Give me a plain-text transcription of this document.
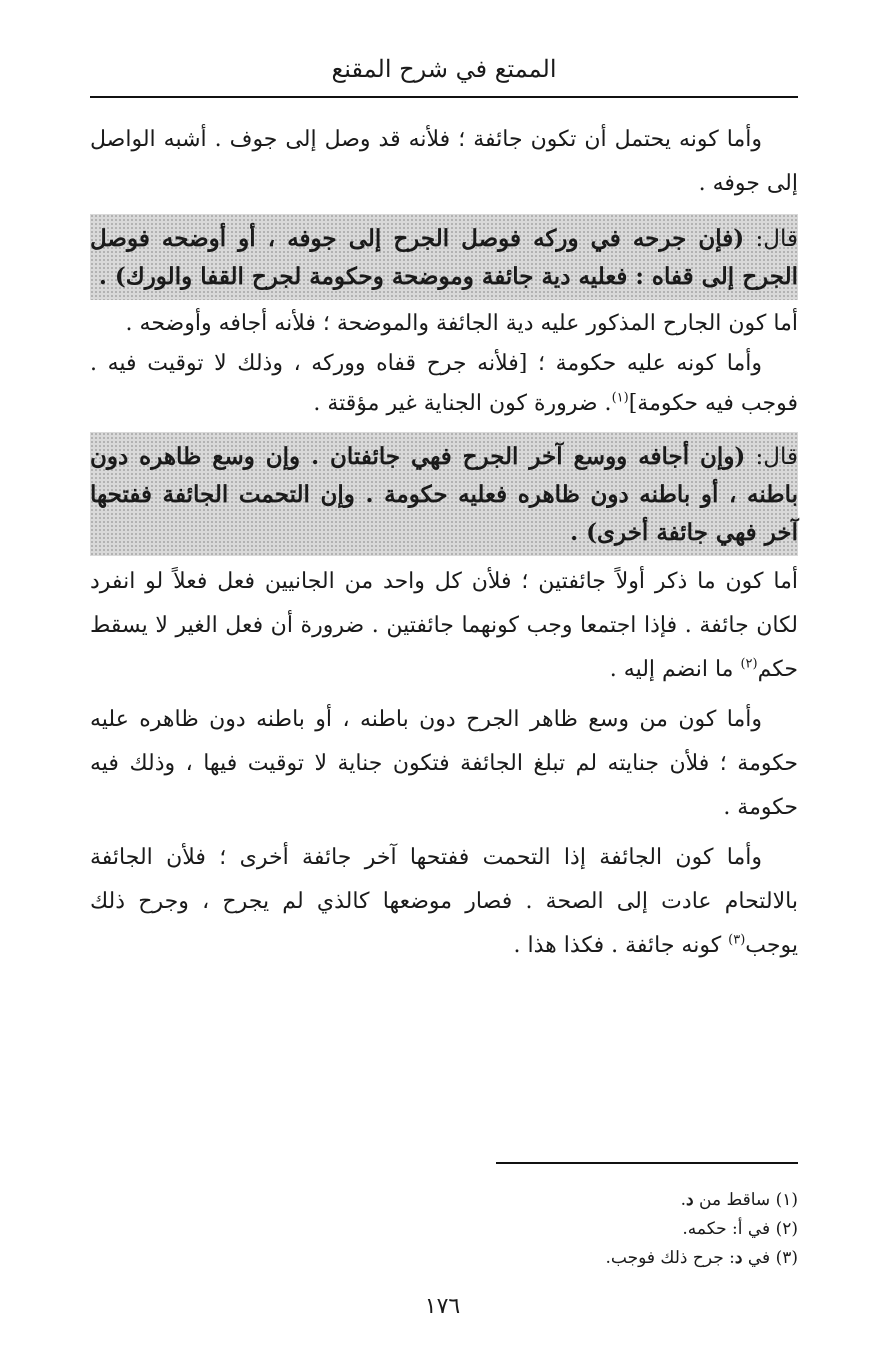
الممتع في شرح المقنع

وأما كونه يحتمل أن تكون جائفة ؛ فلأنه قد وصل إلى جوف . أشبه الواصل إلى جوفه .

قال: (فإن جرحه في وركه فوصل الجرح إلى جوفه ، أو أوضحه فوصل الجرح إلى قفاه : فعليه دية جائفة وموضحة وحكومة لجرح القفا والورك) .

أما كون الجارح المذكور عليه دية الجائفة والموضحة ؛ فلأنه أجافه وأوضحه .

وأما كونه عليه حكومة ؛ [فلأنه جرح قفاه ووركه ، وذلك لا توقيت فيه . فوجب فيه حكومة]$^{(١)}$. ضرورة كون الجناية غير مؤقتة .

قال: (وإن أجافه ووسع آخر الجرح فهي جائفتان . وإن وسع ظاهره دون باطنه ، أو باطنه دون ظاهره فعليه حكومة . وإن التحمت الجائفة ففتحها آخر فهي جائفة أخرى) .

أما كون ما ذكر أولاً جائفتين ؛ فلأن كل واحد من الجانيين فعل فعلاً لو انفرد لكان جائفة . فإذا اجتمعا وجب كونهما جائفتين . ضرورة أن فعل الغير لا يسقط حكم$^{(٢)}$ ما انضم إليه .

وأما كون من وسع ظاهر الجرح دون باطنه ، أو باطنه دون ظاهره عليه حكومة ؛ فلأن جنايته لم تبلغ الجائفة فتكون جناية لا توقيت فيها ، وذلك فيه حكومة .

وأما كون الجائفة إذا التحمت ففتحها آخر جائفة أخرى ؛ فلأن الجائفة بالالتحام عادت إلى الصحة . فصار موضعها كالذي لم يجرح ، وجرح ذلك يوجب$^{(٣)}$ كونه جائفة . فكذا هذا .

(١) ساقط من د.
(٢) في أ: حكمه.
(٣) في د: جرح ذلك فوجب.
١٧٦
